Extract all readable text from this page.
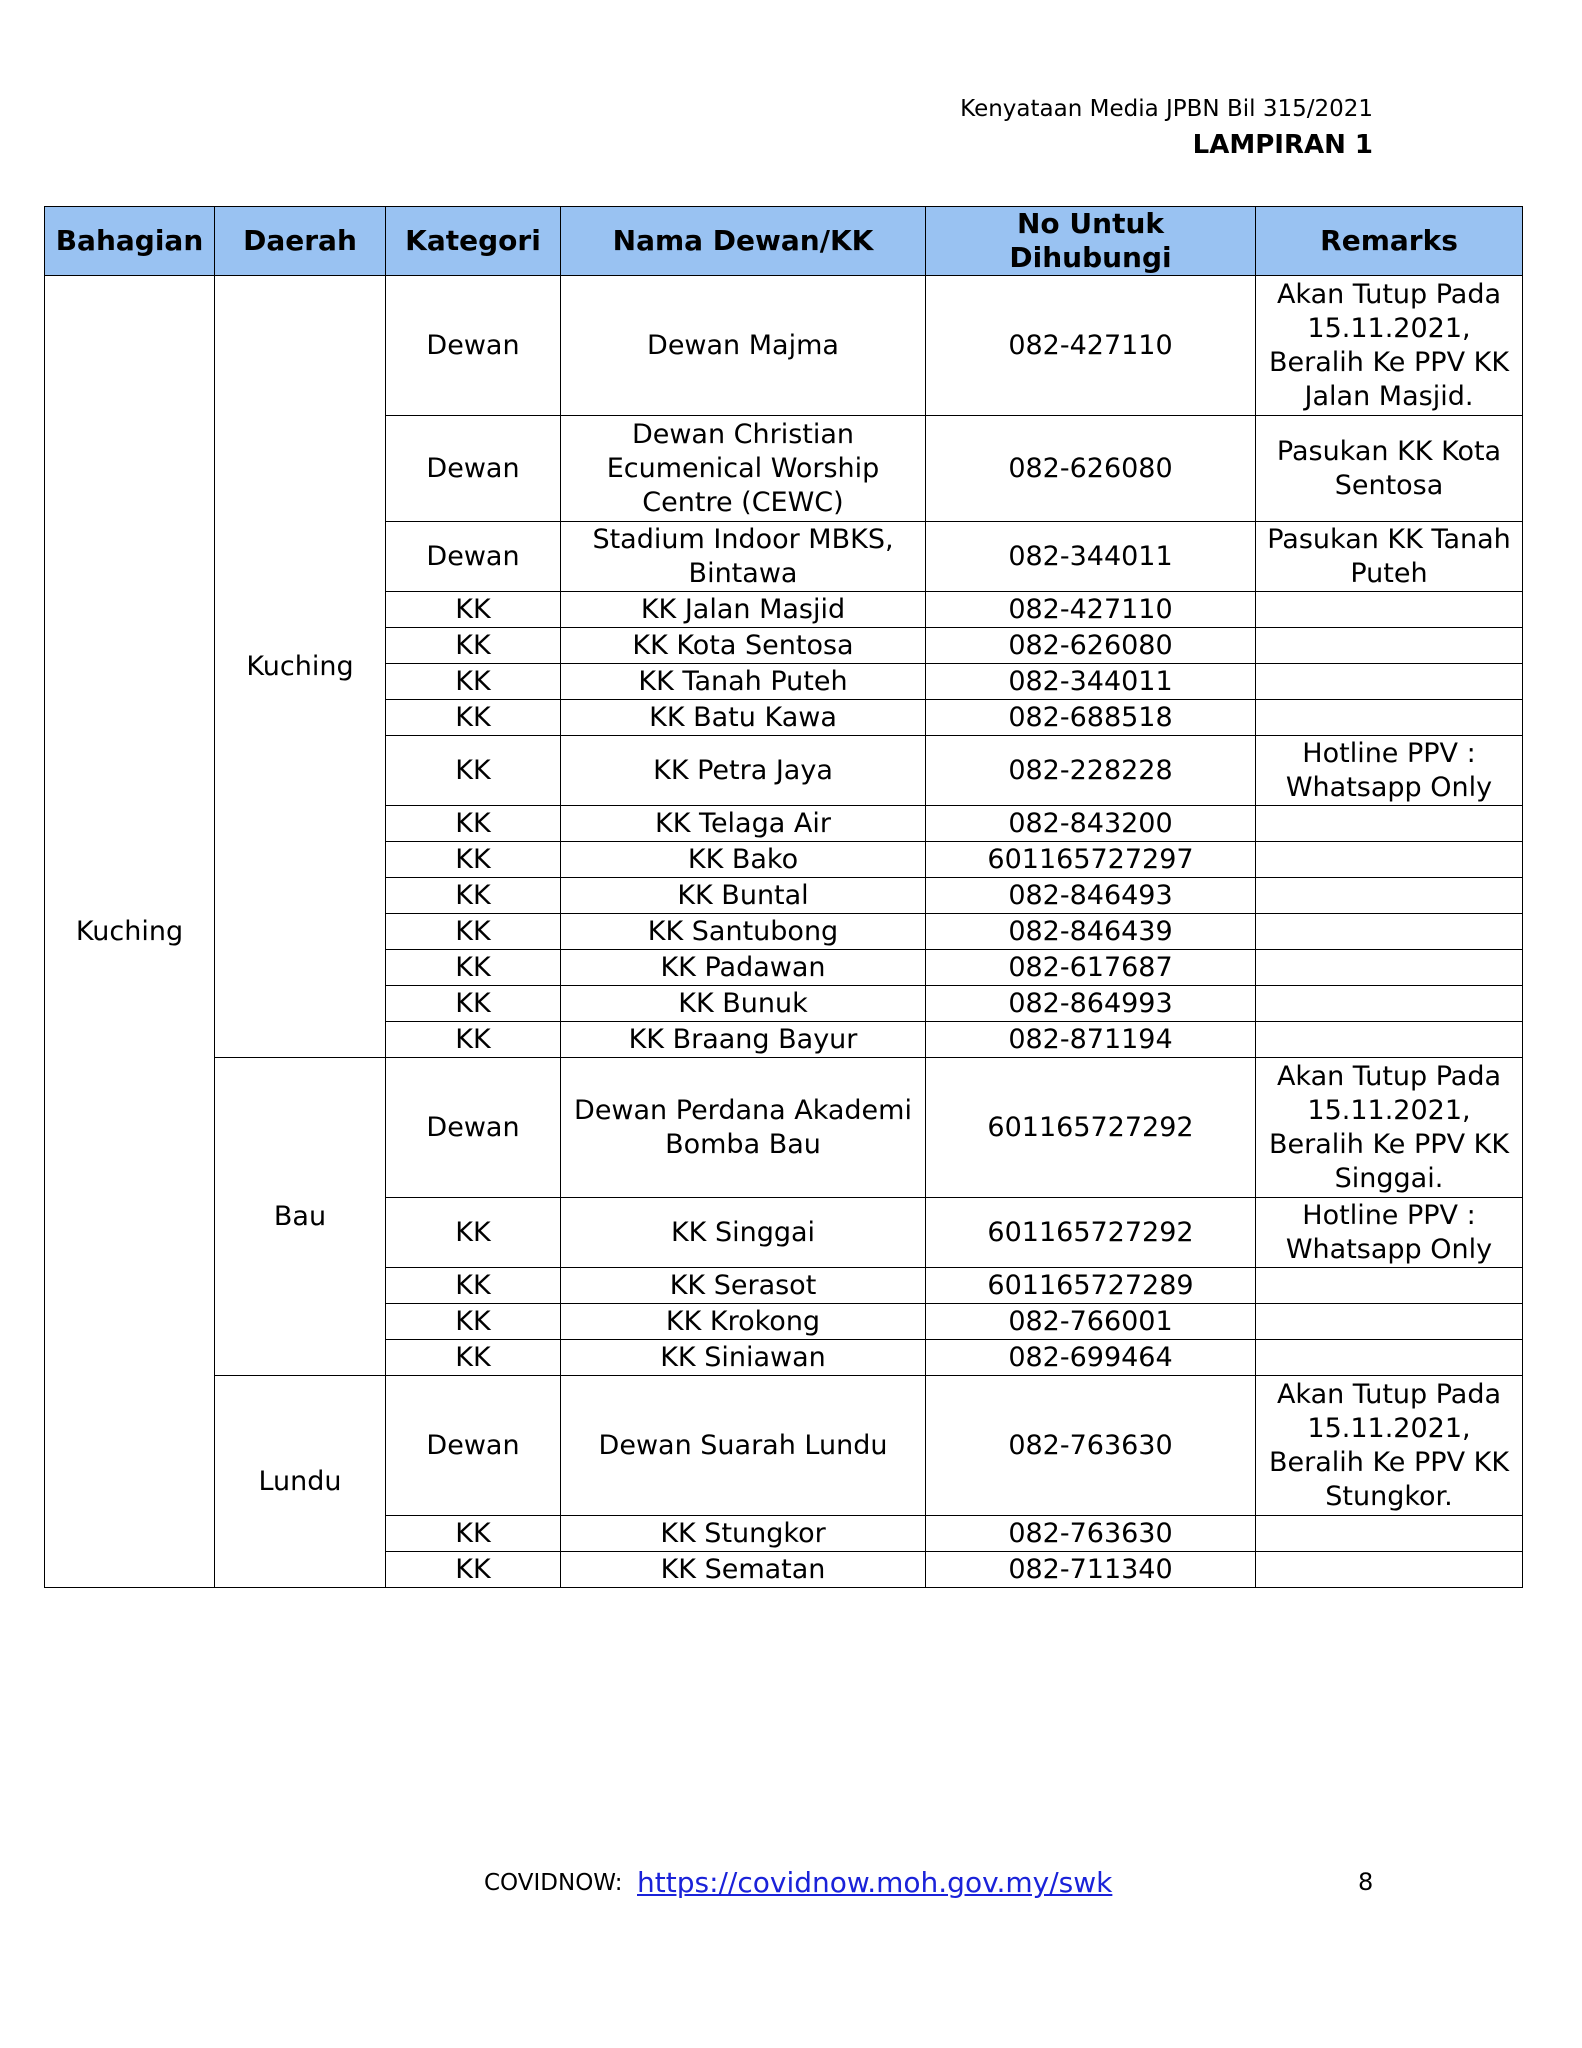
Kenyataan Media JPBN Bil 315/2021
LAMPIRAN 1
Bahagian	Daerah	Kategori	Nama Dewan/KK	No Untuk Dihubungi	Remarks
Kuching	Kuching	Dewan	Dewan Majma	082-427110	Akan Tutup Pada 15.11.2021, Beralih Ke PPV KK Jalan Masjid.
		Dewan	Dewan Christian Ecumenical Worship Centre (CEWC)	082-626080	Pasukan KK Kota Sentosa
		Dewan	Stadium Indoor MBKS, Bintawa	082-344011	Pasukan KK Tanah Puteh
		KK	KK Jalan Masjid	082-427110	
		KK	KK Kota Sentosa	082-626080	
		KK	KK Tanah Puteh	082-344011	
		KK	KK Batu Kawa	082-688518	
		KK	KK Petra Jaya	082-228228	Hotline PPV : Whatsapp Only
		KK	KK Telaga Air	082-843200	
		KK	KK Bako	601165727297	
		KK	KK Buntal	082-846493	
		KK	KK Santubong	082-846439	
		KK	KK Padawan	082-617687	
		KK	KK Bunuk	082-864993	
		KK	KK Braang Bayur	082-871194	
	Bau	Dewan	Dewan Perdana Akademi Bomba Bau	601165727292	Akan Tutup Pada 15.11.2021, Beralih Ke PPV KK Singgai.
		KK	KK Singgai	601165727292	Hotline PPV : Whatsapp Only
		KK	KK Serasot	601165727289	
		KK	KK Krokong	082-766001	
		KK	KK Siniawan	082-699464	
	Lundu	Dewan	Dewan Suarah Lundu	082-763630	Akan Tutup Pada 15.11.2021, Beralih Ke PPV KK Stungkor.
		KK	KK Stungkor	082-763630	
		KK	KK Sematan	082-711340	
COVIDNOW: https://covidnow.moh.gov.my/swk	8
